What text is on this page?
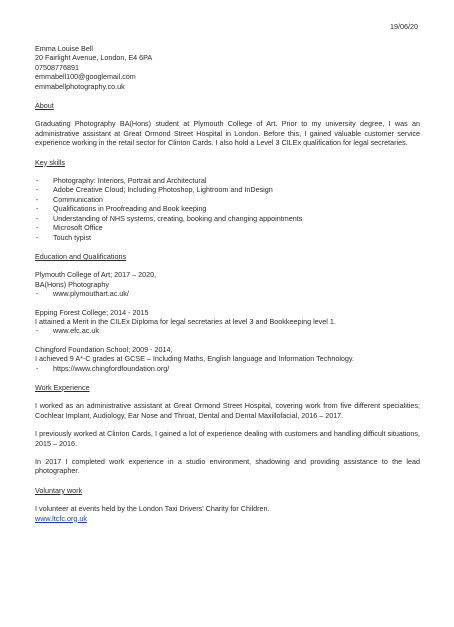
19/06/20
Emma Louise Bell
20 Fairlight Avenue, London, E4 6PA
07508776891
emmabell100@googlemail.com
emmabellphotography.co.uk
About
Graduating Photography BA(Hons) student at Plymouth College of Art. Prior to my university degree, I was an administrative assistant at Great Ormond Street Hospital in London. Before this, I gained valuable customer service experience working in the retail sector for Clinton Cards. I also hold a Level 3 CILEx qualification for legal secretaries.
Key skills
- Photography: Interiors, Portrait and Architectural
- Adobe Creative Cloud; Including Photoshop, Lightroom and InDesign
- Communication
- Qualifications in Proofreading and Book keeping
- Understanding of NHS systems, creating, booking and changing appointments
- Microsoft Office
- Touch typist
Education and Qualifications
Plymouth College of Art; 2017 – 2020,
BA(Hons) Photography
- www.plymouthart.ac.uk/
Epping Forest College; 2014 - 2015
I attained a Merit in the CILEx Diploma for legal secretaries at level 3 and Bookkeeping level 1.
- www.efc.ac.uk
Chingford Foundation School; 2009 - 2014,
I achieved 9 A*-C grades at GCSE – Including Maths, English language and Information Technology.
- https://www.chingfordfoundation.org/
Work Experience
I worked as an administrative assistant at Great Ormond Street Hospital, covering work from five different specialities; Cochlear Implant, Audiology, Ear Nose and Throat, Dental and Dental Maxillofacial, 2016 – 2017.
I previously worked at Clinton Cards, I gained a lot of experience dealing with customers and handling difficult situations, 2015 – 2016.
In 2017 I completed work experience in a studio environment, shadowing and providing assistance to the lead photographer.
Voluntary work
I volunteer at events held by the London Taxi Drivers' Charity for Children.
www.ltcfc.org.uk
